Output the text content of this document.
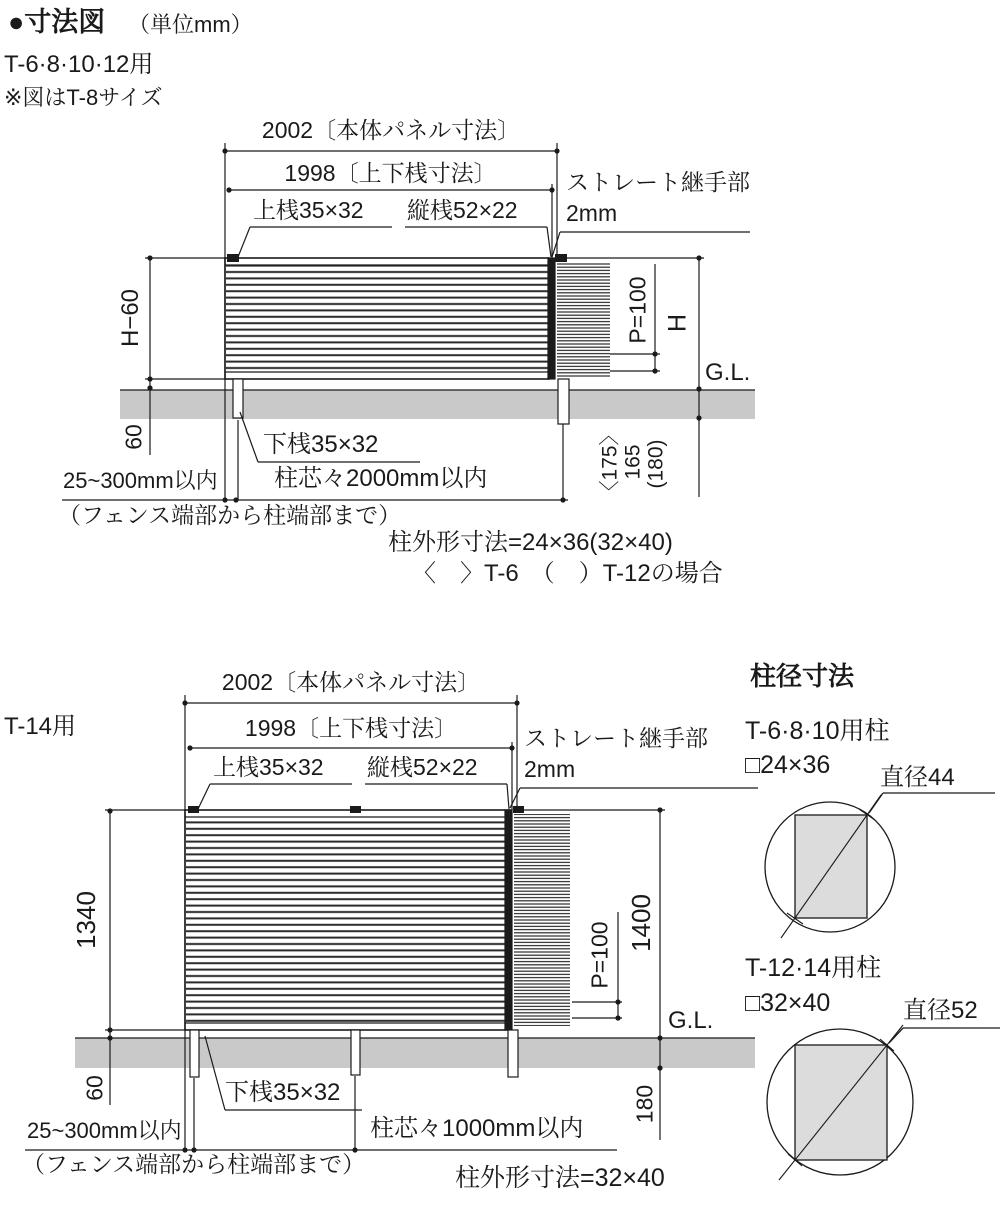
●寸法図 （単位mm）
T-6·8·10·12用
※図はT-8サイズ
2002〔本体パネル寸法〕
1998〔上下桟寸法〕
上桟35×32 縦桟52×22
ストレート継手部
2mm
H−60
60
P=100 H
G.L.
〈175〉 165 (180)
25~300mm以内 柱芯々2000mm以内
（フェンス端部から柱端部まで）
下桟35×32
柱外形寸法=24×36(32×40)
〈　〉T-6　（　）T-12の場合
T-14用
2002〔本体パネル寸法〕
1998〔上下桟寸法〕
上桟35×32 縦桟52×22
ストレート継手部
2mm
1340
60
P=100 1400
G.L.
180
25~300mm以内	柱芯々1000mm以内
（フェンス端部から柱端部まで）
下桟35×32
柱外形寸法=32×40
柱径寸法
T-6·8·10用柱
□24×36 直径44
T-12·14用柱
□32×40	直径52
